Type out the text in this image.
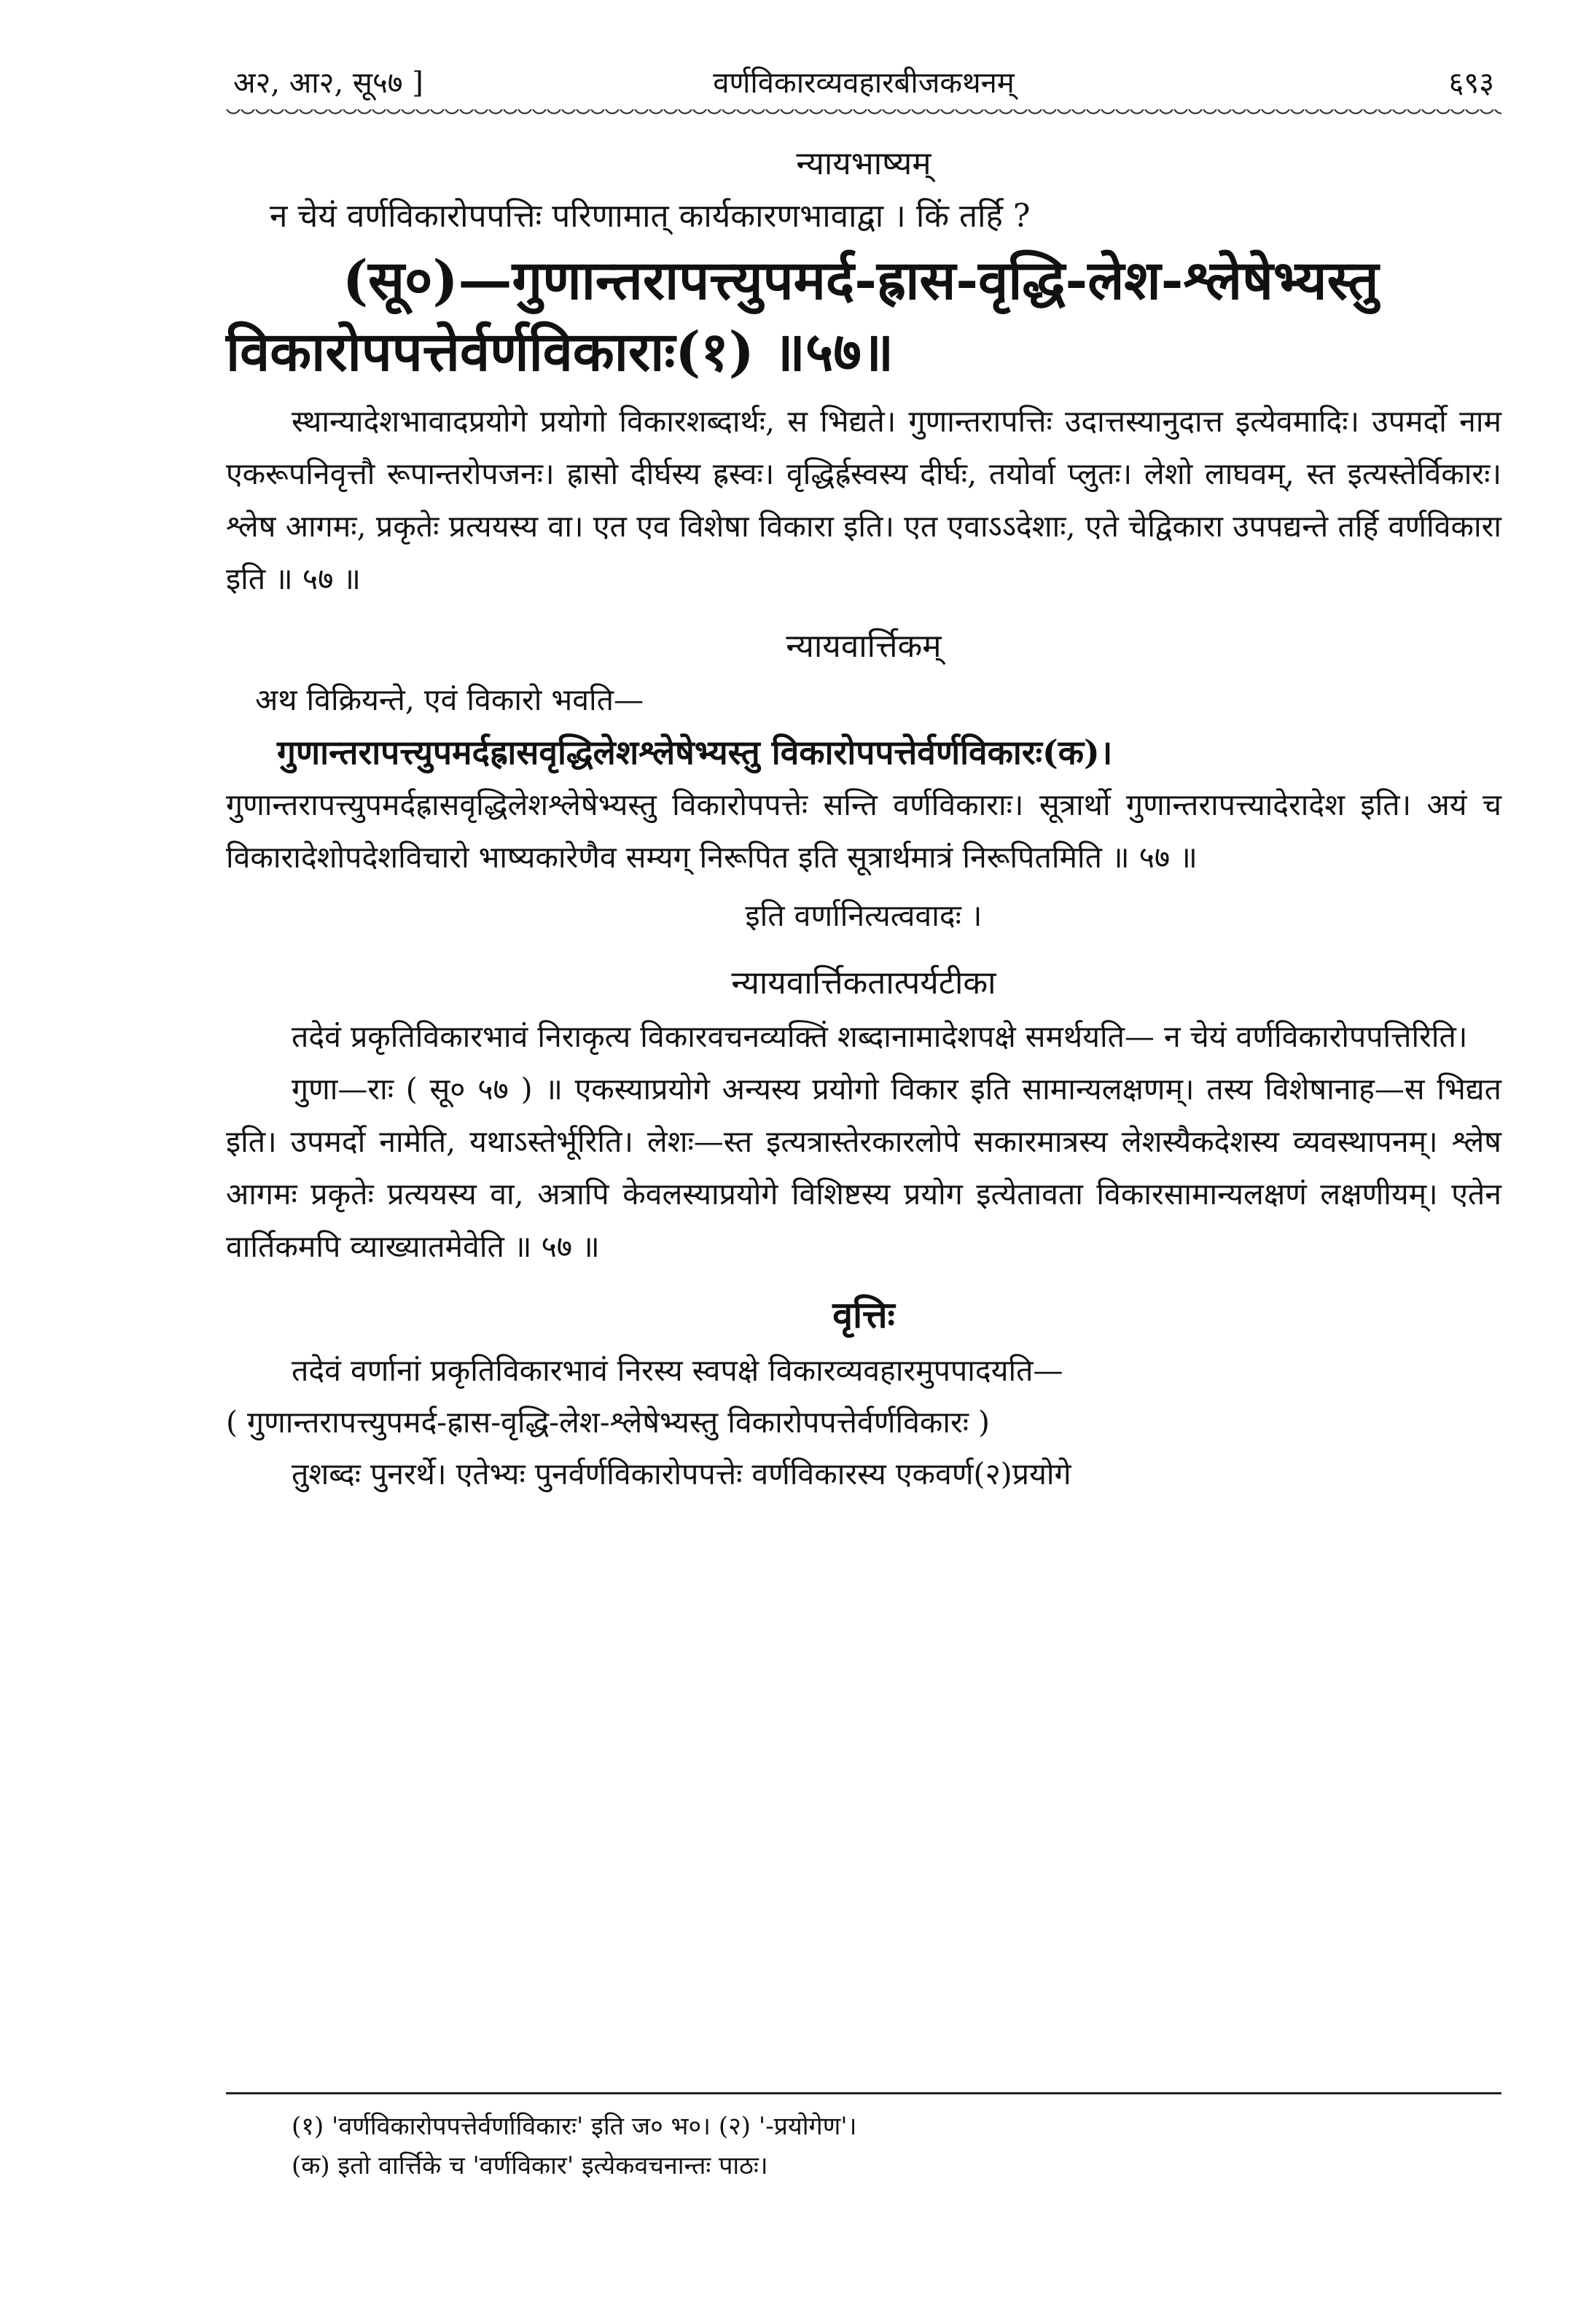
अ२, आ२, सू५७ ]	वर्णविकारव्यवहारबीजकथनम्	६९३
न्यायभाष्यम्

न चेयं वर्णविकारोपपत्तिः परिणामात् कार्यकारणभावाद्वा । किं तर्हि ?

(सू०)—गुणान्तरापत्त्युपमर्द-ह्रास-वृद्धि-लेश-श्लेषेभ्यस्तु विकारोपपत्तेर्वर्णविकाराः(१) ॥५७॥

स्थान्यादेशभावादप्रयोगे प्रयोगो विकारशब्दार्थः, स भिद्यते। गुणान्तरापत्तिः उदात्तस्यानुदात्त इत्येवमादिः। उपमर्दो नाम एकरूपनिवृत्तौ रूपान्तरोपजनः। ह्रासो दीर्घस्य ह्रस्वः। वृद्धिर्ह्रस्वस्य दीर्घः, तयोर्वा प्लुतः। लेशो लाघवम्, स्त इत्यस्तेर्विकारः। श्लेष आगमः, प्रकृतेः प्रत्ययस्य वा। एत एव विशेषा विकारा इति। एत एवाऽऽदेशाः, एते चेद्विकारा उपपद्यन्ते तर्हि वर्णविकारा इति ॥ ५७ ॥

न्यायवार्त्तिकम्

अथ विक्रियन्ते, एवं विकारो भवति—

गुणान्तरापत्त्युपमर्दह्रासवृद्धिलेशश्लेषेभ्यस्तु विकारोपपत्तेर्वर्णविकारः(क)।

गुणान्तरापत्त्युपमर्दह्रासवृद्धिलेशश्लेषेभ्यस्तु विकारोपपत्तेः सन्ति वर्णविकाराः। सूत्रार्थो गुणान्तरापत्त्यादेरादेश इति। अयं च विकारादेशोपदेशविचारो भाष्यकारेणैव सम्यग् निरूपित इति सूत्रार्थमात्रं निरूपितमिति ॥ ५७ ॥

इति वर्णानित्यत्ववादः ।
न्यायवार्त्तिकतात्पर्यटीका

तदेवं प्रकृतिविकारभावं निराकृत्य विकारवचनव्यक्तिं शब्दानामादेशपक्षे समर्थयति— न चेयं वर्णविकारोपपत्तिरिति।

गुणा—राः ( सू० ५७ ) ॥ एकस्याप्रयोगे अन्यस्य प्रयोगो विकार इति सामान्यलक्षणम्। तस्य विशेषानाह—स भिद्यत इति। उपमर्दो नामेति, यथाऽस्तेर्भूरिति। लेशः—स्त इत्यत्रास्तेरकारलोपे सकारमात्रस्य लेशस्यैकदेशस्य व्यवस्थापनम्। श्लेष आगमः प्रकृतेः प्रत्ययस्य वा, अत्रापि केवलस्याप्रयोगे विशिष्टस्य प्रयोग इत्येतावता विकारसामान्यलक्षणं लक्षणीयम्। एतेन वार्तिकमपि व्याख्यातमेवेति ॥ ५७ ॥

वृत्तिः

तदेवं वर्णानां प्रकृतिविकारभावं निरस्य स्वपक्षे विकारव्यवहारमुपपादयति—

( गुणान्तरापत्त्युपमर्द-ह्रास-वृद्धि-लेश-श्लेषेभ्यस्तु विकारोपपत्तेर्वर्णविकारः )

तुशब्दः पुनरर्थे। एतेभ्यः पुनर्वर्णविकारोपपत्तेः वर्णविकारस्य एकवर्ण(२)प्रयोगे

(१) 'वर्णविकारोपपत्तेर्वर्णाविकारः' इति ज० भ०। (२) '-प्रयोगेण'।
(क) इतो वार्त्तिके च 'वर्णविकार' इत्येकवचनान्तः पाठः।
